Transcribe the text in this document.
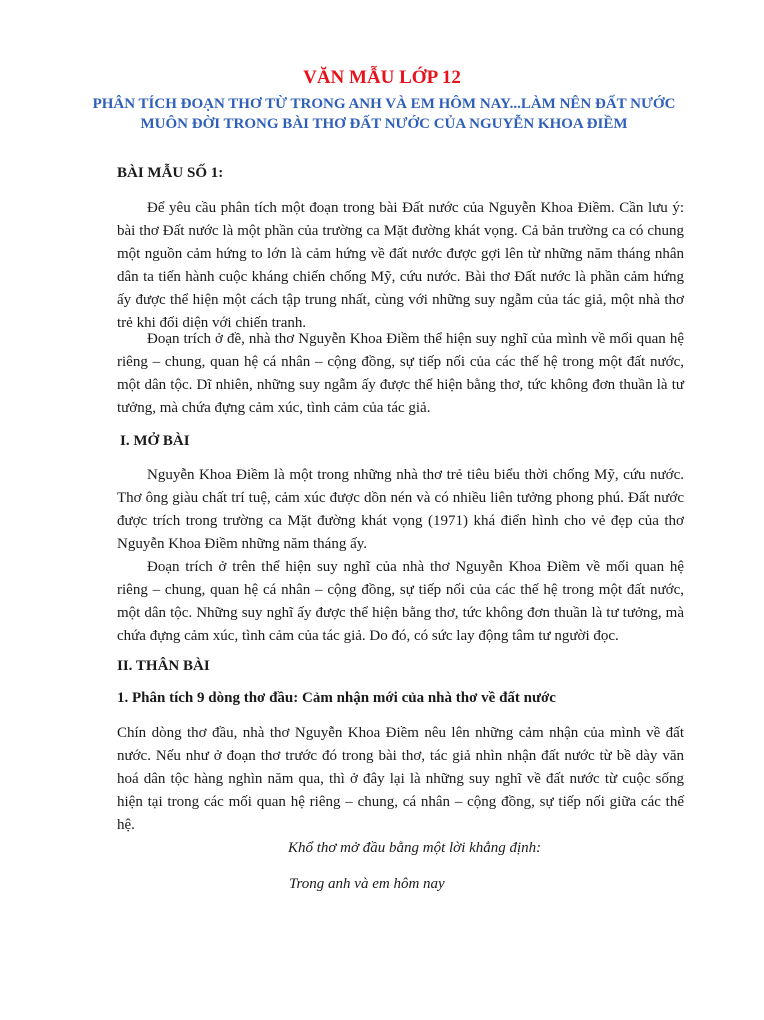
VĂN MẪU LỚP 12
PHÂN TÍCH ĐOẠN THƠ TỪ TRONG ANH VÀ EM HÔM NAY...LÀM NÊN ĐẤT NƯỚC MUÔN ĐỜI TRONG BÀI THƠ ĐẤT NƯỚC CỦA NGUYỄN KHOA ĐIỀM

BÀI MẪU SỐ 1:

Để yêu cầu phân tích một đoạn trong bài Đất nước của Nguyễn Khoa Điềm. Cần lưu ý: bài thơ Đất nước là một phần của trường ca Mặt đường khát vọng. Cả bản trường ca có chung một nguồn cảm hứng to lớn là cảm hứng về đất nước được gợi lên từ những năm tháng nhân dân ta tiến hành cuộc kháng chiến chống Mỹ, cứu nước. Bài thơ Đất nước là phần cảm hứng ấy được thể hiện một cách tập trung nhất, cùng với những suy ngẫm của tác giả, một nhà thơ trẻ khi đối diện với chiến tranh.

Đoạn trích ở đề, nhà thơ Nguyễn Khoa Điềm thể hiện suy nghĩ của mình về mối quan hệ riêng – chung, quan hệ cá nhân – cộng đồng, sự tiếp nối của các thế hệ trong một đất nước, một dân tộc. Dĩ nhiên, những suy ngẫm ấy được thể hiện bằng thơ, tức không đơn thuần là tư tưởng, mà chứa đựng cảm xúc, tình cảm của tác giả.

I. MỞ BÀI

Nguyễn Khoa Điềm là một trong những nhà thơ trẻ tiêu biểu thời chống Mỹ, cứu nước. Thơ ông giàu chất trí tuệ, cảm xúc được dồn nén và có nhiều liên tưởng phong phú. Đất nước được trích trong trường ca Mặt đường khát vọng (1971) khá điển hình cho vẻ đẹp của thơ Nguyễn Khoa Điềm những năm tháng ấy.

Đoạn trích ở trên thể hiện suy nghĩ của nhà thơ Nguyễn Khoa Điềm về mối quan hệ riêng – chung, quan hệ cá nhân – cộng đồng, sự tiếp nối của các thế hệ trong một đất nước, một dân tộc. Những suy nghĩ ấy được thể hiện bằng thơ, tức không đơn thuần là tư tưởng, mà chứa đựng cảm xúc, tình cảm của tác giả. Do đó, có sức lay động tâm tư người đọc.

II. THÂN BÀI

1. Phân tích 9 dòng thơ đầu: Cảm nhận mới của nhà thơ về đất nước

Chín dòng thơ đầu, nhà thơ Nguyễn Khoa Điềm nêu lên những cảm nhận của mình về đất nước. Nếu như ở đoạn thơ trước đó trong bài thơ, tác giả nhìn nhận đất nước từ bề dày văn hoá dân tộc hàng nghìn năm qua, thì ở đây lại là những suy nghĩ về đất nước từ cuộc sống hiện tại trong các mối quan hệ riêng – chung, cá nhân – cộng đồng, sự tiếp nối giữa các thế hệ.

Khổ thơ mở đầu bằng một lời khẳng định:

Trong anh và em hôm nay
